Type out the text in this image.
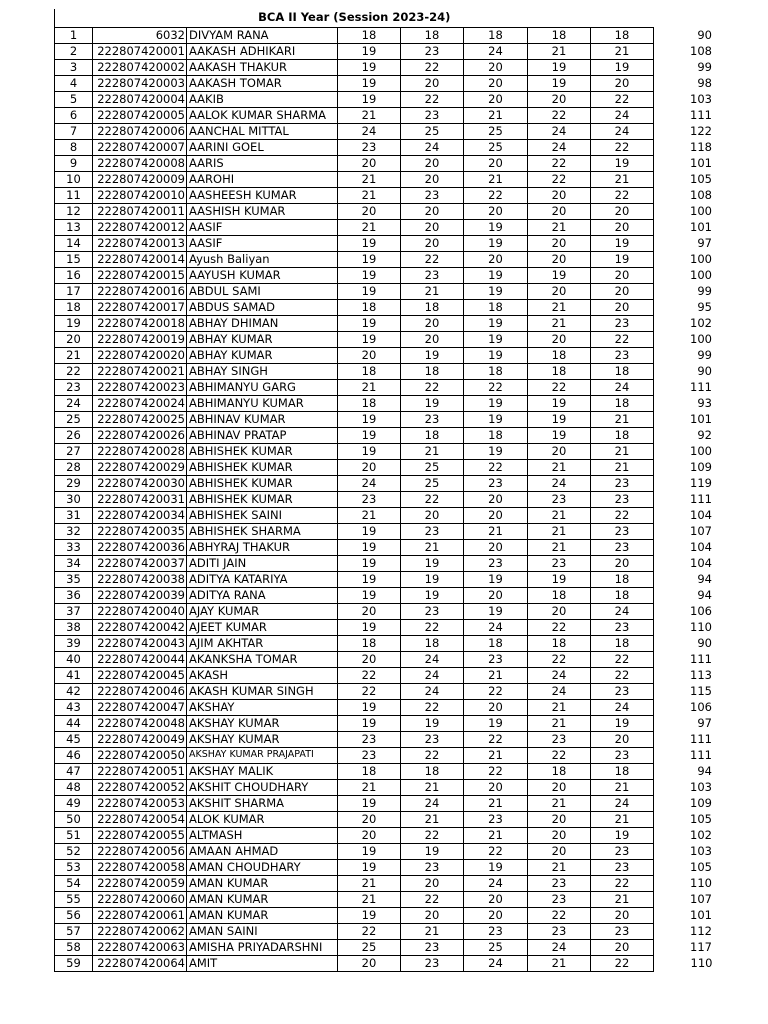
BCA II Year (Session 2023-24)								
1	6032	DIVYAM RANA	18	18	18	18	18	90
2	222807420001	AAKASH ADHIKARI	19	23	24	21	21	108
3	222807420002	AAKASH THAKUR	19	22	20	19	19	99
4	222807420003	AAKASH TOMAR	19	20	20	19	20	98
5	222807420004	AAKIB	19	22	20	20	22	103
6	222807420005	AALOK KUMAR SHARMA	21	23	21	22	24	111
7	222807420006	AANCHAL MITTAL	24	25	25	24	24	122
8	222807420007	AARINI GOEL	23	24	25	24	22	118
9	222807420008	AARIS	20	20	20	22	19	101
10	222807420009	AAROHI	21	20	21	22	21	105
11	222807420010	AASHEESH KUMAR	21	23	22	20	22	108
12	222807420011	AASHISH KUMAR	20	20	20	20	20	100
13	222807420012	AASIF	21	20	19	21	20	101
14	222807420013	AASIF	19	20	19	20	19	97
15	222807420014	Ayush Baliyan	19	22	20	20	19	100
16	222807420015	AAYUSH KUMAR	19	23	19	19	20	100
17	222807420016	ABDUL SAMI	19	21	19	20	20	99
18	222807420017	ABDUS SAMAD	18	18	18	21	20	95
19	222807420018	ABHAY DHIMAN	19	20	19	21	23	102
20	222807420019	ABHAY KUMAR	19	20	19	20	22	100
21	222807420020	ABHAY KUMAR	20	19	19	18	23	99
22	222807420021	ABHAY SINGH	18	18	18	18	18	90
23	222807420023	ABHIMANYU GARG	21	22	22	22	24	111
24	222807420024	ABHIMANYU KUMAR	18	19	19	19	18	93
25	222807420025	ABHINAV KUMAR	19	23	19	19	21	101
26	222807420026	ABHINAV PRATAP	19	18	18	19	18	92
27	222807420028	ABHISHEK KUMAR	19	21	19	20	21	100
28	222807420029	ABHISHEK KUMAR	20	25	22	21	21	109
29	222807420030	ABHISHEK KUMAR	24	25	23	24	23	119
30	222807420031	ABHISHEK KUMAR	23	22	20	23	23	111
31	222807420034	ABHISHEK SAINI	21	20	20	21	22	104
32	222807420035	ABHISHEK SHARMA	19	23	21	21	23	107
33	222807420036	ABHYRAJ THAKUR	19	21	20	21	23	104
34	222807420037	ADITI JAIN	19	19	23	23	20	104
35	222807420038	ADITYA KATARIYA	19	19	19	19	18	94
36	222807420039	ADITYA RANA	19	19	20	18	18	94
37	222807420040	AJAY KUMAR	20	23	19	20	24	106
38	222807420042	AJEET KUMAR	19	22	24	22	23	110
39	222807420043	AJIM AKHTAR	18	18	18	18	18	90
40	222807420044	AKANKSHA TOMAR	20	24	23	22	22	111
41	222807420045	AKASH	22	24	21	24	22	113
42	222807420046	AKASH KUMAR SINGH	22	24	22	24	23	115
43	222807420047	AKSHAY	19	22	20	21	24	106
44	222807420048	AKSHAY KUMAR	19	19	19	21	19	97
45	222807420049	AKSHAY KUMAR	23	23	22	23	20	111
46	222807420050	AKSHAY KUMAR PRAJAPATI	23	22	21	22	23	111
47	222807420051	AKSHAY MALIK	18	18	22	18	18	94
48	222807420052	AKSHIT CHOUDHARY	21	21	20	20	21	103
49	222807420053	AKSHIT SHARMA	19	24	21	21	24	109
50	222807420054	ALOK KUMAR	20	21	23	20	21	105
51	222807420055	ALTMASH	20	22	21	20	19	102
52	222807420056	AMAAN AHMAD	19	19	22	20	23	103
53	222807420058	AMAN CHOUDHARY	19	23	19	21	23	105
54	222807420059	AMAN KUMAR	21	20	24	23	22	110
55	222807420060	AMAN KUMAR	21	22	20	23	21	107
56	222807420061	AMAN KUMAR	19	20	20	22	20	101
57	222807420062	AMAN SAINI	22	21	23	23	23	112
58	222807420063	AMISHA PRIYADARSHNI	25	23	25	24	20	117
59	222807420064	AMIT	20	23	24	21	22	110
